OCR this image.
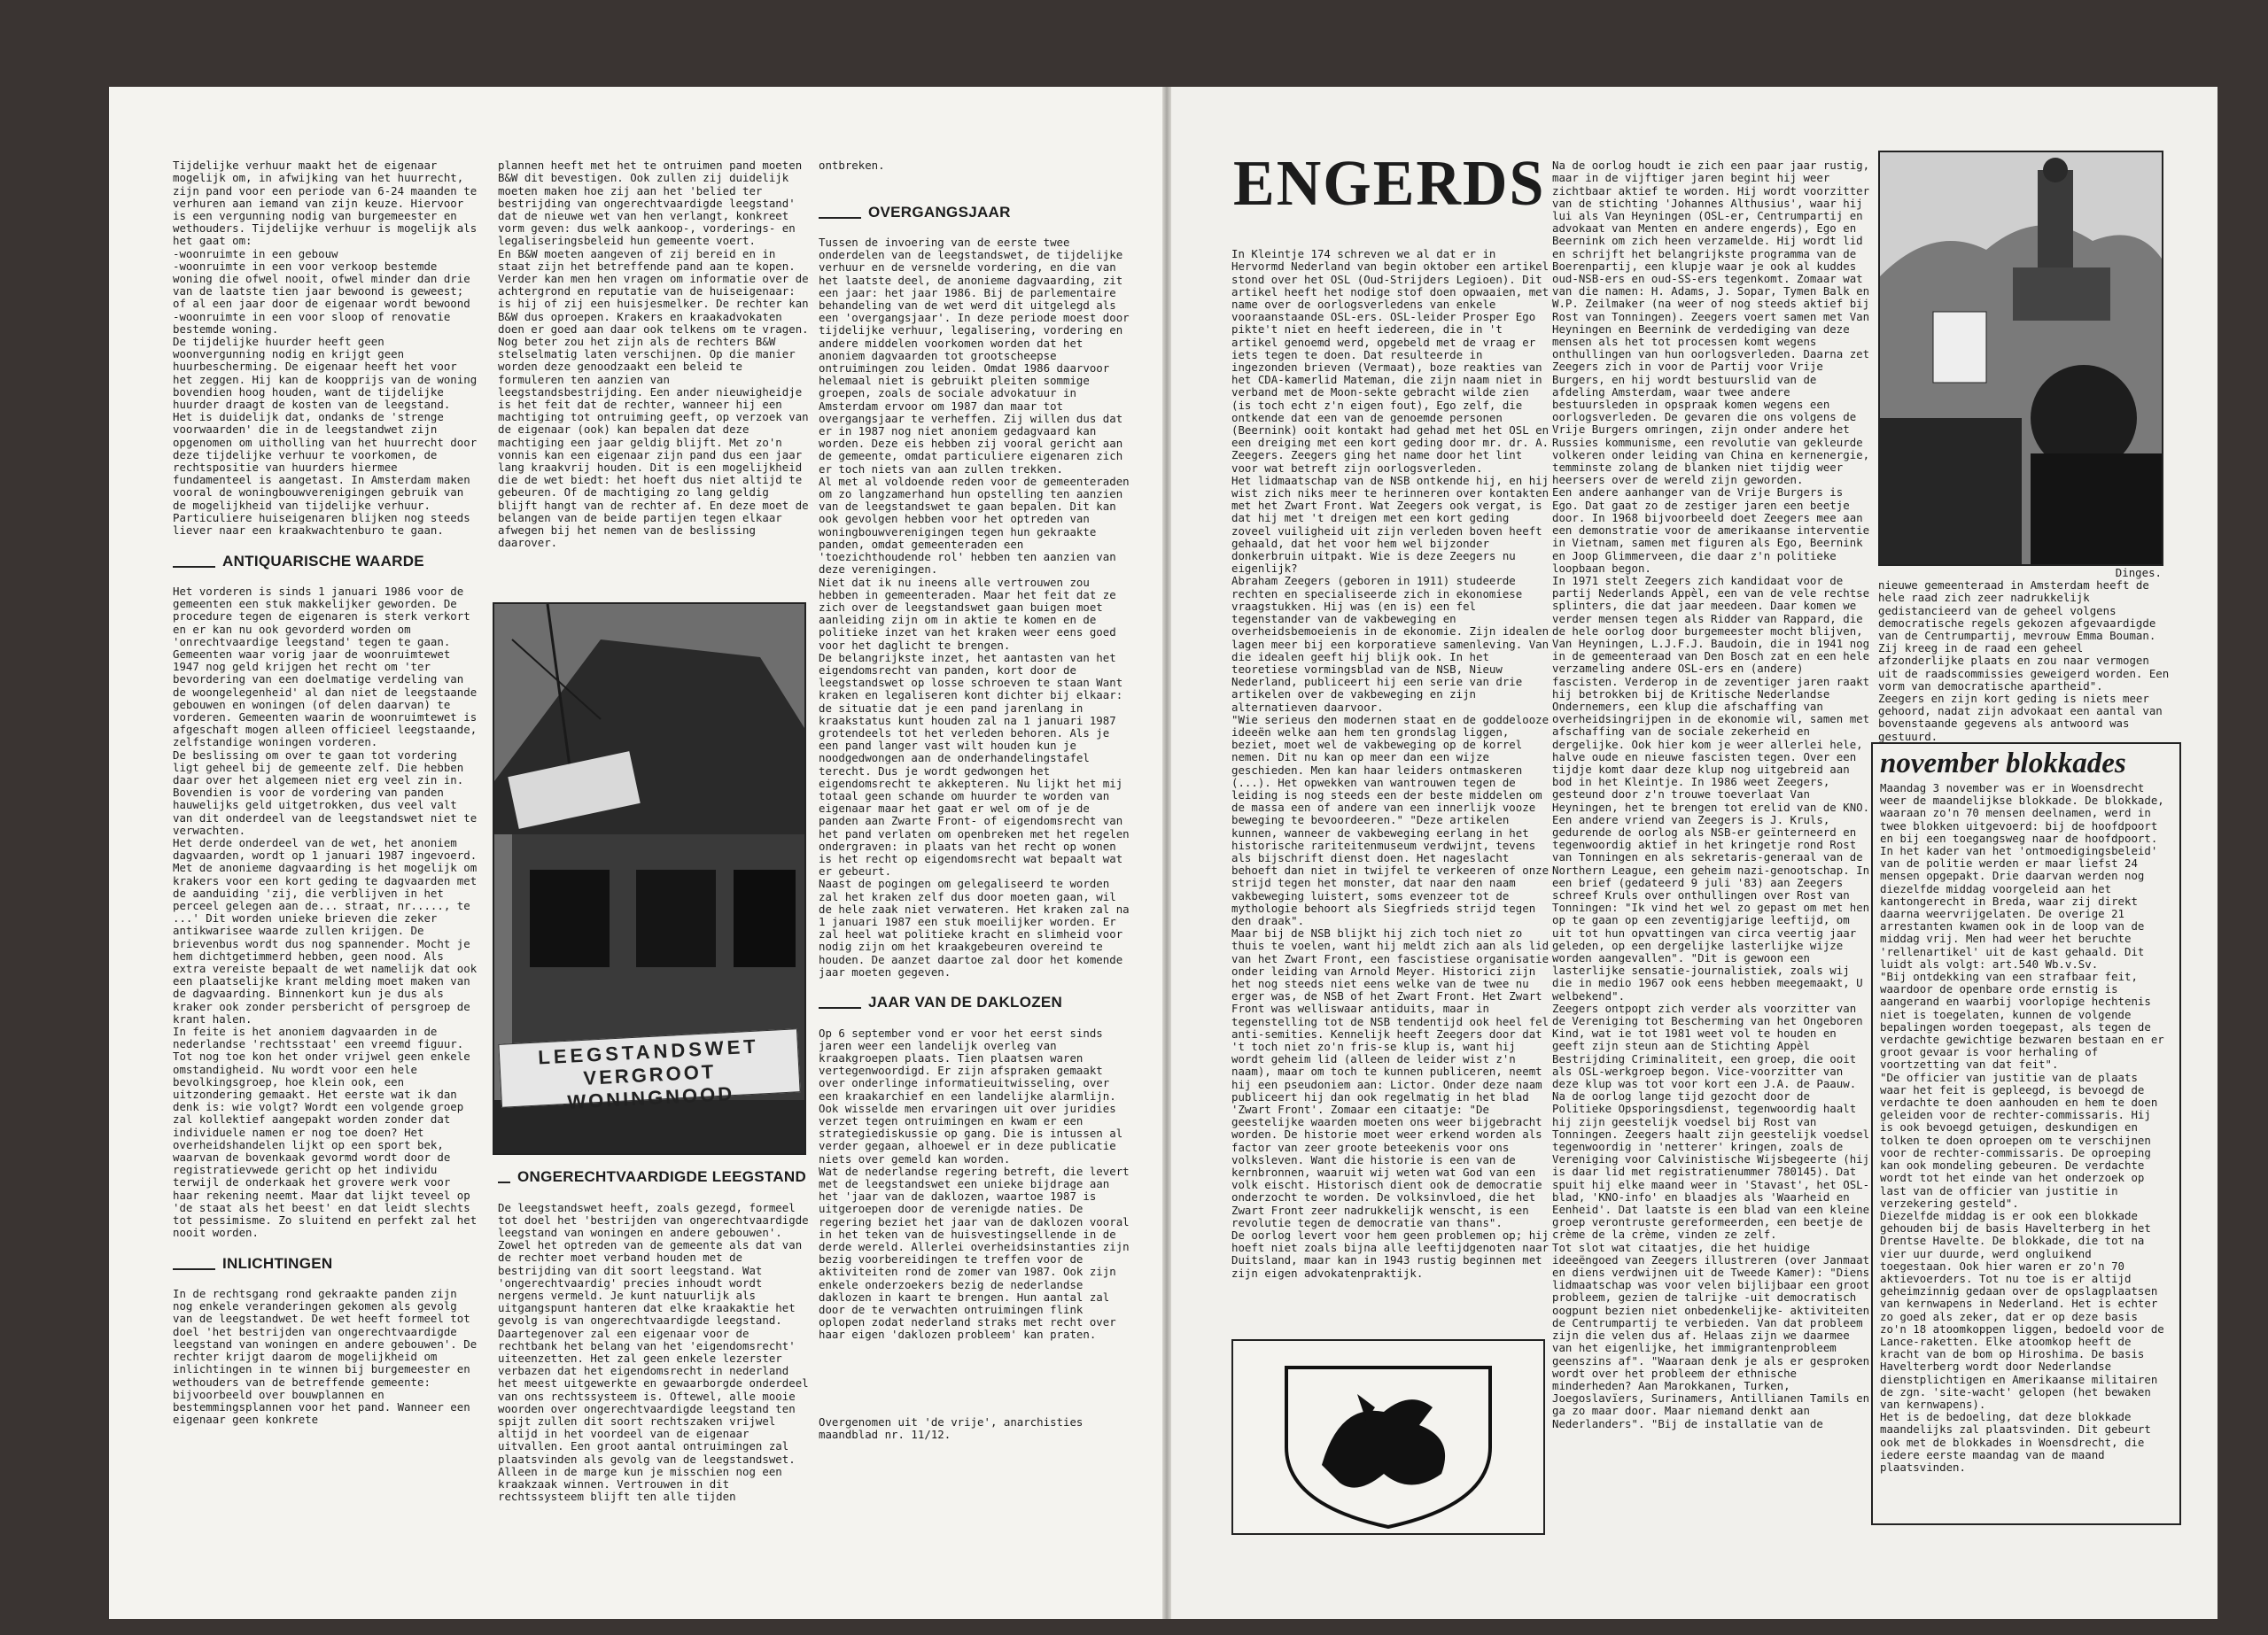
Tijdelijke verhuur maakt het de eigenaar mogelijk om, in afwijking van het huurrecht, zijn pand voor een periode van 6-24 maanden te verhuren aan iemand van zijn keuze. Hiervoor is een vergunning nodig van burgemeester en wethouders. Tijdelijke verhuur is mogelijk als het gaat om:
-woonruimte in een gebouw
-woonruimte in een voor verkoop bestemde woning die ofwel nooit, ofwel minder dan drie van de laatste tien jaar bewoond is geweest; of al een jaar door de eigenaar wordt bewoond
-woonruimte in een voor sloop of renovatie bestemde woning.
De tijdelijke huurder heeft geen woonvergunning nodig en krijgt geen huurbescherming. De eigenaar heeft het voor het zeggen. Hij kan de koopprijs van de woning bovendien hoog houden, want de tijdelijke huurder draagt de kosten van de leegstand.
Het is duidelijk dat, ondanks de 'strenge voorwaarden' die in de leegstandwet zijn opgenomen om uitholling van het huurrecht door deze tijdelijke verhuur te voorkomen, de rechtspositie van huurders hiermee fundamenteel is aangetast. In Amsterdam maken vooral de woningbouwverenigingen gebruik van de mogelijkheid van tijdelijke verhuur. Particuliere huiseigenaren blijken nog steeds liever naar een kraakwachtenburo te gaan.

ANTIQUARISCHE WAARDE

Het vorderen is sinds 1 januari 1986 voor de gemeenten een stuk makkelijker geworden. De procedure tegen de eigenaren is sterk verkort en er kan nu ook gevorderd worden om 'onrechtvaardige leegstand' tegen te gaan. Gemeenten waar vorig jaar de woonruimtewet 1947 nog geld krijgen het recht om 'ter bevordering van een doelmatige verdeling van de woongelegenheid' al dan niet de leegstaande gebouwen en woningen (of delen daarvan) te vorderen. Gemeenten waarin de woonruimtewet is afgeschaft mogen alleen officieel leegstaande, zelfstandige woningen vorderen.
De beslissing om over te gaan tot vordering ligt geheel bij de gemeente zelf. Die hebben daar over het algemeen niet erg veel zin in. Bovendien is voor de vordering van panden hauwelijks geld uitgetrokken, dus veel valt van dit onderdeel van de leegstandswet niet te verwachten.
Het derde onderdeel van de wet, het anoniem dagvaarden, wordt op 1 januari 1987 ingevoerd. Met de anonieme dagvaarding is het mogelijk om krakers voor een kort geding te dagvaarden met de aanduiding 'zij, die verblijven in het perceel gelegen aan de... straat, nr....., te ...' Dit worden unieke brieven die zeker antikwarisee waarde zullen krijgen. De brievenbus wordt dus nog spannender. Mocht je hem dichtgetimmerd hebben, geen nood. Als extra vereiste bepaalt de wet namelijk dat ook een plaatselijke krant melding moet maken van de dagvaarding. Binnenkort kun je dus als kraker ook zonder persbericht of persgroep de krant halen.
In feite is het anoniem dagvaarden in de nederlandse 'rechtsstaat' een vreemd figuur. Tot nog toe kon het onder vrijwel geen enkele omstandigheid. Nu wordt voor een hele bevolkingsgroep, hoe klein ook, een uitzondering gemaakt. Het eerste wat ik dan denk is: wie volgt? Wordt een volgende groep zal kollektief aangepakt worden zonder dat individuele namen er nog toe doen? Het overheidshandelen lijkt op een sport bek, waarvan de bovenkaak gevormd wordt door de registratievwede gericht op het individu terwijl de onderkaak het grovere werk voor haar rekening neemt. Maar dat lijkt teveel op 'de staat als het beest' en dat leidt slechts tot pessimisme. Zo sluitend en perfekt zal het nooit worden.

INLICHTINGEN

In de rechtsgang rond gekraakte panden zijn nog enkele veranderingen gekomen als gevolg van de leegstandwet. De wet heeft formeel tot doel 'het bestrijden van ongerechtvaardigde leegstand van woningen en andere gebouwen'. De rechter krijgt daarom de mogelijkheid om inlichtingen in te winnen bij burgemeester en wethouders van de betreffende gemeente: bijvoorbeeld over bouwplannen en bestemmingsplannen voor het pand. Wanneer een eigenaar geen konkrete

plannen heeft met het te ontruimen pand moeten B&W dit bevestigen. Ook zullen zij duidelijk moeten maken hoe zij aan het 'belied ter bestrijding van ongerechtvaardigde leegstand' dat de nieuwe wet van hen verlangt, konkreet vorm geven: dus welk aankoop-, vorderings- en legaliseringsbeleid hun gemeente voert.
En B&W moeten aangeven of zij bereid en in staat zijn het betreffende pand aan te kopen. Verder kan men hen vragen om informatie over de achtergrond en reputatie van de huiseigenaar: is hij of zij een huisjesmelker. De rechter kan B&W dus oproepen. Krakers en kraakadvokaten doen er goed aan daar ook telkens om te vragen. Nog beter zou het zijn als de rechters B&W stelselmatig laten verschijnen. Op die manier worden deze genoodzaakt een beleid te formuleren ten aanzien van leegstandsbestrijding. Een ander nieuwigheidje is het feit dat de rechter, wanneer hij een machtiging tot ontruiming geeft, op verzoek van de eigenaar (ook) kan bepalen dat deze machtiging een jaar geldig blijft. Met zo'n vonnis kan een eigenaar zijn pand dus een jaar lang kraakvrij houden. Dit is een mogelijkheid die de wet biedt: het hoeft dus niet altijd te gebeuren. Of de machtiging zo lang geldig blijft hangt van de rechter af. En deze moet de belangen van de beide partijen tegen elkaar afwegen bij het nemen van de beslissing daarover.

LEEGSTANDSWET
VERGROOT WONINGNOOD

ONGERECHTVAARDIGDE LEEGSTAND

De leegstandswet heeft, zoals gezegd, formeel tot doel het 'bestrijden van ongerechtvaardigde leegstand van woningen en andere gebouwen'. Zowel het optreden van de gemeente als dat van de rechter moet verband houden met de bestrijding van dit soort leegstand. Wat 'ongerechtvaardig' precies inhoudt wordt nergens vermeld. Je kunt natuurlijk als uitgangspunt hanteren dat elke kraakaktie het gevolg is van ongerechtvaardigde leegstand. Daartegenover zal een eigenaar voor de rechtbank het belang van het 'eigendomsrecht' uiteenzetten. Het zal geen enkele lezerster verbazen dat het eigendomsrecht in nederland het meest uitgewerkte en gewaarborgde onderdeel van ons rechtssysteem is. Oftewel, alle mooie woorden over ongerechtvaardigde leegstand ten spijt zullen dit soort rechtszaken vrijwel altijd in het voordeel van de eigenaar uitvallen. Een groot aantal ontruimingen zal plaatsvinden als gevolg van de leegstandswet. Alleen in de marge kun je misschien nog een kraakzaak winnen. Vertrouwen in dit rechtssysteem blijft ten alle tijden

ontbreken.

OVERGANGSJAAR

Tussen de invoering van de eerste twee onderdelen van de leegstandswet, de tijdelijke verhuur en de versnelde vordering, en die van het laatste deel, de anonieme dagvaarding, zit een jaar: het jaar 1986. Bij de parlementaire behandeling van de wet werd dit uitgelegd als een 'overgangsjaar'. In deze periode moest door tijdelijke verhuur, legalisering, vordering en andere middelen voorkomen worden dat het anoniem dagvaarden tot grootscheepse ontruimingen zou leiden. Omdat 1986 daarvoor helemaal niet is gebruikt pleiten sommige groepen, zoals de sociale advokatuur in Amsterdam ervoor om 1987 dan maar tot overgangsjaar te verheffen. Zij willen dus dat er in 1987 nog niet anoniem gedagvaard kan worden. Deze eis hebben zij vooral gericht aan de gemeente, omdat particuliere eigenaren zich er toch niets van aan zullen trekken.
Al met al voldoende reden voor de gemeenteraden om zo langzamerhand hun opstelling ten aanzien van de leegstandswet te gaan bepalen. Dit kan ook gevolgen hebben voor het optreden van woningbouwverenigingen tegen hun gekraakte panden, omdat gemeenteraden een 'toezichthoudende rol' hebben ten aanzien van deze verenigingen.
Niet dat ik nu ineens alle vertrouwen zou hebben in gemeenteraden. Maar het feit dat ze zich over de leegstandswet gaan buigen moet aanleiding zijn om in aktie te komen en de politieke inzet van het kraken weer eens goed voor het daglicht te brengen.
De belangrijkste inzet, het aantasten van het eigendomsrecht van panden, kort door de leegstandswet op losse schroeven te staan Want kraken en legaliseren kont dichter bij elkaar: de situatie dat je een pand jarenlang in kraakstatus kunt houden zal na 1 januari 1987 grotendeels tot het verleden behoren. Als je een pand langer vast wilt houden kun je noodgedwongen aan de onderhandelingstafel terecht. Dus je wordt gedwongen het eigendomsrecht te akkepteren. Nu lijkt het mij totaal geen schande om huurder te worden van eigenaar maar het gaat er wel om of je de panden aan Zwarte Front- of eigendomsrecht van het pand verlaten om openbreken met het regelen ondergraven: in plaats van het recht op wonen is het recht op eigendomsrecht wat bepaalt wat er gebeurt.
Naast de pogingen om gelegaliseerd te worden zal het kraken zelf dus door moeten gaan, wil de hele zaak niet verwateren. Het kraken zal na 1 januari 1987 een stuk moeilijker worden. Er zal heel wat politieke kracht en slimheid voor nodig zijn om het kraakgebeuren overeind te houden. De aanzet daartoe zal door het komende jaar moeten gegeven.

JAAR VAN DE DAKLOZEN

Op 6 september vond er voor het eerst sinds jaren weer een landelijk overleg van kraakgroepen plaats. Tien plaatsen waren vertegenwoordigd. Er zijn afspraken gemaakt over onderlinge informatieuitwisseling, over een kraakarchief en een landelijke alarmlijn. Ook wisselde men ervaringen uit over juridies verzet tegen ontruimingen en kwam er een strategiediskussie op gang. Die is intussen al verder gegaan, alhoewel er in deze publicatie niets over gemeld kan worden.
Wat de nederlandse regering betreft, die levert met de leegstandswet een unieke bijdrage aan het 'jaar van de daklozen, waartoe 1987 is uitgeroepen door de verenigde naties. De regering beziet het jaar van de daklozen vooral in het teken van de huisvestingsellende in de derde wereld. Allerlei overheidsinstanties zijn bezig voorbereidingen te treffen voor de aktiviteiten rond de zomer van 1987. Ook zijn enkele onderzoekers bezig de nederlandse daklozen in kaart te brengen. Hun aantal zal door de te verwachten ontruimingen flink oplopen zodat nederland straks met recht over haar eigen 'daklozen probleem' kan praten.

Overgenomen uit 'de vrije', anarchisties maandblad nr. 11/12.

ENGERDS

In Kleintje 174 schreven we al dat er in Hervormd Nederland van begin oktober een artikel stond over het OSL (Oud-Strijders Legioen). Dit artikel heeft het nodige stof doen opwaaien, met name over de oorlogsverledens van enkele vooraanstaande OSL-ers. OSL-leider Prosper Ego pikte't niet en heeft iedereen, die in 't artikel genoemd werd, opgebeld met de vraag er iets tegen te doen. Dat resulteerde in ingezonden brieven (Vermaat), boze reakties van het CDA-kamerlid Mateman, die zijn naam niet in verband met de Moon-sekte gebracht wilde zien (is toch echt z'n eigen fout), Ego zelf, die ontkende dat een van de genoemde personen (Beernink) ooit kontakt had gehad met het OSL en een dreiging met een kort geding door mr. dr. A. Zeegers. Zeegers ging het name door het lint voor wat betreft zijn oorlogsverleden.
Het lidmaatschap van de NSB ontkende hij, en hij wist zich niks meer te herinneren over kontakten met het Zwart Front. Wat Zeegers ook vergat, is dat hij met 't dreigen met een kort geding zoveel vuiligheid uit zijn verleden boven heeft gehaald, dat het voor hem wel bijzonder donkerbruin uitpakt. Wie is deze Zeegers nu eigenlijk?
Abraham Zeegers (geboren in 1911) studeerde rechten en specialiseerde zich in ekonomiese vraagstukken. Hij was (en is) een fel tegenstander van de vakbeweging en overheidsbemoeienis in de ekonomie. Zijn idealen lagen meer bij een korporatieve samenleving. Van die idealen geeft hij blijk ook. In het teoretiese vormingsblad van de NSB, Nieuw Nederland, publiceert hij een serie van drie artikelen over de vakbeweging en zijn alternatieven daarvoor.
"Wie serieus den modernen staat en de goddelooze ideeën welke aan hem ten grondslag liggen, beziet, moet wel de vakbeweging op de korrel nemen. Dit nu kan op meer dan een wijze geschieden. Men kan haar leiders ontmaskeren (...). Het opwekken van wantrouwen tegen de leiding is nog steeds een der beste middelen om de massa een of andere van een innerlijk vooze beweging te bevoordeeren." "Deze artikelen kunnen, wanneer de vakbeweging eerlang in het historische rariteitenmuseum verdwijnt, tevens als bijschrift dienst doen. Het nageslacht behoeft dan niet in twijfel te verkeeren of onze strijd tegen het monster, dat naar den naam vakbeweging luistert, soms evenzeer tot de mythologie behoort als Siegfrieds strijd tegen den draak".
Maar bij de NSB blijkt hij zich toch niet zo thuis te voelen, want hij meldt zich aan als lid van het Zwart Front, een fascistiese organisatie onder leiding van Arnold Meyer. Historici zijn het nog steeds niet eens welke van de twee nu erger was, de NSB of het Zwart Front. Het Zwart Front was welliswaar antiduits, maar in tegenstelling tot de NSB tendentijd ook heel fel anti-semities. Kennelijk heeft Zeegers door dat 't toch niet zo'n fris-se klup is, want hij wordt geheim lid (alleen de leider wist z'n naam), maar om toch te kunnen publiceren, neemt hij een pseudoniem aan: Lictor. Onder deze naam publiceert hij dan ook regelmatig in het blad 'Zwart Front'. Zomaar een citaatje: "De geestelijke waarden moeten ons weer bijgebracht worden. De historie moet weer erkend worden als factor van zeer groote beteekenis voor ons volksleven. Want die historie is een van de kernbronnen, waaruit wij weten wat God van een volk eischt. Historisch dient ook de democratie onderzocht te worden. De volksinvloed, die het Zwart Front zeer nadrukkelijk wenscht, is een revolutie tegen de democratie van thans".
De oorlog levert voor hem geen problemen op; hij hoeft niet zoals bijna alle leeftijdgenoten naar Duitsland, maar kan in 1943 rustig beginnen met zijn eigen advokatenpraktijk.

Na de oorlog houdt ie zich een paar jaar rustig, maar in de vijftiger jaren begint hij weer zichtbaar aktief te worden. Hij wordt voorzitter van de stichting 'Johannes Althusius', waar hij lui als Van Heyningen (OSL-er, Centrumpartij en advokaat van Menten en andere engerds), Ego en Beernink om zich heen verzamelde. Hij wordt lid en schrijft het belangrijkste programma van de Boerenpartij, een klupje waar je ook al kuddes oud-NSB-ers en oud-SS-ers tegenkomt. Zomaar wat van die namen: H. Adams, J. Sopar, Tymen Balk en W.P. Zeilmaker (na weer of nog steeds aktief bij Rost van Tonningen). Zeegers voert samen met Van Heyningen en Beernink de verdediging van deze mensen als het tot processen komt wegens onthullingen van hun oorlogsverleden. Daarna zet Zeegers zich in voor de Partij voor Vrije Burgers, en hij wordt bestuurslid van de afdeling Amsterdam, waar twee andere bestuursleden in opspraak komen wegens een oorlogsverleden. De gevaren die ons volgens de Vrije Burgers omringen, zijn onder andere het Russies kommunisme, een revolutie van gekleurde volkeren onder leiding van China en kernenergie, temminste zolang de blanken niet tijdig weer heersers over de wereld zijn geworden.
Een andere aanhanger van de Vrije Burgers is Ego. Dat gaat zo de zestiger jaren een beetje door. In 1968 bijvoorbeeld doet Zeegers mee aan een demonstratie voor de amerikaanse interventie in Vietnam, samen met figuren als Ego, Beernink en Joop Glimmerveen, die daar z'n politieke loopbaan begon.
In 1971 stelt Zeegers zich kandidaat voor de partij Nederlands Appèl, een van de vele rechtse splinters, die dat jaar meedeen. Daar komen we verder mensen tegen als Ridder van Rappard, die de hele oorlog door burgemeester mocht blijven, Van Heyningen, L.J.F.J. Baudoin, die in 1941 nog in de gemeenteraad van Den Bosch zat en een hele verzameling andere OSL-ers en (andere) fascisten. Verderop in de zeventiger jaren raakt hij betrokken bij de Kritische Nederlandse Ondernemers, een klup die afschaffing van overheidsingrijpen in de ekonomie wil, samen met afschaffing van de sociale zekerheid en dergelijke. Ook hier kom je weer allerlei hele, halve oude en nieuwe fascisten tegen. Over een tijdje komt daar deze klup nog uitgebreid aan bod in het Kleintje. In 1986 weet Zeegers, gesteund door z'n trouwe toeverlaat Van Heyningen, het te brengen tot erelid van de KNO.
Een andere vriend van Zeegers is J. Kruls, gedurende de oorlog als NSB-er geïnterneerd en tegenwoordig aktief in het kringetje rond Rost van Tonningen en als sekretaris-generaal van de Northern League, een geheim nazi-genootschap. In een brief (gedateerd 9 juli '83) aan Zeegers schreef Kruls over onthullingen over Rost van Tonningen: "Ik vind het wel zo gepast om met hen op te gaan op een zeventigjarige leeftijd, om uit tot hun opvattingen van circa veertig jaar geleden, op een dergelijke lasterlijke wijze worden aangevallen". "Dit is gewoon een lasterlijke sensatie-journalistiek, zoals wij die in medio 1967 ook eens hebben meegemaakt, U welbekend".
Zeegers ontpopt zich verder als voorzitter van de Vereniging tot Bescherming van het Ongeboren Kind, wat ie tot 1981 weet vol te houden en geeft zijn steun aan de Stichting Appèl Bestrijding Criminaliteit, een groep, die ooit als OSL-werkgroep begon. Vice-voorzitter van deze klup was tot voor kort een J.A. de Paauw. Na de oorlog lange tijd gezocht door de Politieke Opsporingsdienst, tegenwoordig haalt hij zijn geestelijk voedsel bij Rost van Tonningen. Zeegers haalt zijn geestelijk voedsel tegenwoordig in 'netterer' kringen, zoals de Vereniging voor Calvinistische Wijsbegeerte (hij is daar lid met registratienummer 780145). Dat spuit hij elke maand weer in 'Stavast', het OSL-blad, 'KNO-info' en blaadjes als 'Waarheid en Eenheid'. Dat laatste is een blad van een kleine groep verontruste gereformeerden, een beetje de crème de la crème, vinden ze zelf.
Tot slot wat citaatjes, die het huidige ideeëngoed van Zeegers illustreren (over Janmaat en diens verdwijnen uit de Tweede Kamer): "Diens lidmaatschap was voor velen bijlijbaar een groot probleem, gezien de talrijke -uit democratisch oogpunt bezien niet onbedenkelijke- aktiviteiten de Centrumpartij te verbieden. Van dat probleem zijn die velen dus af. Helaas zijn we daarmee van het eigenlijke, het immigrantenprobleem geenszins af". "Waaraan denk je als er gesproken wordt over het probleem der ethnische minderheden? Aan Marokkanen, Turken, Joegoslavïers, Surinamers, Antillianen Tamils en ga zo maar door. Maar niemand denkt aan Nederlanders". "Bij de installatie van de

nieuwe gemeenteraad in Amsterdam heeft de hele raad zich zeer nadrukkelijk gedistancieerd van de geheel volgens democratische regels gekozen afgevaardigde van de Centrumpartij, mevrouw Emma Bouman. Zij kreeg in de raad een geheel afzonderlijke plaats en zou naar vermogen uit de raadscommissies geweigerd worden. Een vorm van democratische apartheid".
Zeegers en zijn kort geding is niets meer gehoord, nadat zijn advokaat een aantal van bovenstaande gegevens als antwoord was gestuurd.

Dinges.
november blokkades
Maandag 3 november was er in Woensdrecht weer de maandelijkse blokkade. De blokkade, waaraan zo'n 70 mensen deelnamen, werd in twee blokken uitgevoerd: bij de hoofdpoort en bij een toegangsweg naar de hoofdpoort. In het kader van het 'ontmoedigingsbeleid' van de politie werden er maar liefst 24 mensen opgepakt. Drie daarvan werden nog diezelfde middag voorgeleid aan het kantongerecht in Breda, waar zij direkt daarna weervrijgelaten. De overige 21 arrestanten kwamen ook in de loop van de middag vrij. Men had weer het beruchte 'rellenartikel' uit de kast gehaald. Dit luidt als volgt: art.540 Wb.v.Sv.
"Bij ontdekking van een strafbaar feit, waardoor de openbare orde ernstig is aangerand en waarbij voorlopige hechtenis niet is toegelaten, kunnen de volgende bepalingen worden toegepast, als tegen de verdachte gewichtige bezwaren bestaan en er groot gevaar is voor herhaling of voortzetting van dat feit".
"De officier van justitie van de plaats waar het feit is gepleegd, is bevoegd de verdachte te doen aanhouden en hem te doen geleiden voor de rechter-commissaris. Hij is ook bevoegd getuigen, deskundigen en tolken te doen oproepen om te verschijnen voor de rechter-commissaris. De oproeping kan ook mondeling gebeuren. De verdachte wordt tot het einde van het onderzoek op last van de officier van justitie in verzekering gesteld".
Diezelfde middag is er ook een blokkade gehouden bij de basis Havelterberg in het Drentse Havelte. De blokkade, die tot na vier uur duurde, werd ongluikend toegestaan. Ook hier waren er zo'n 70 aktievoerders. Tot nu toe is er altijd geheimzinnig gedaan over de opslagplaatsen van kernwapens in Nederland. Het is echter zo goed als zeker, dat er op deze basis zo'n 18 atoomkoppen liggen, bedoeld voor de Lance-raketten. Elke atoomkop heeft de kracht van de bom op Hiroshima. De basis Havelterberg wordt door Nederlandse dienstplichtigen en Amerikaanse militairen de zgn. 'site-wacht' gelopen (het bewaken van kernwapens).
Het is de bedoeling, dat deze blokkade maandelijks zal plaatsvinden. Dit gebeurt ook met de blokkades in Woensdrecht, die iedere eerste maandag van de maand plaatsvinden.
